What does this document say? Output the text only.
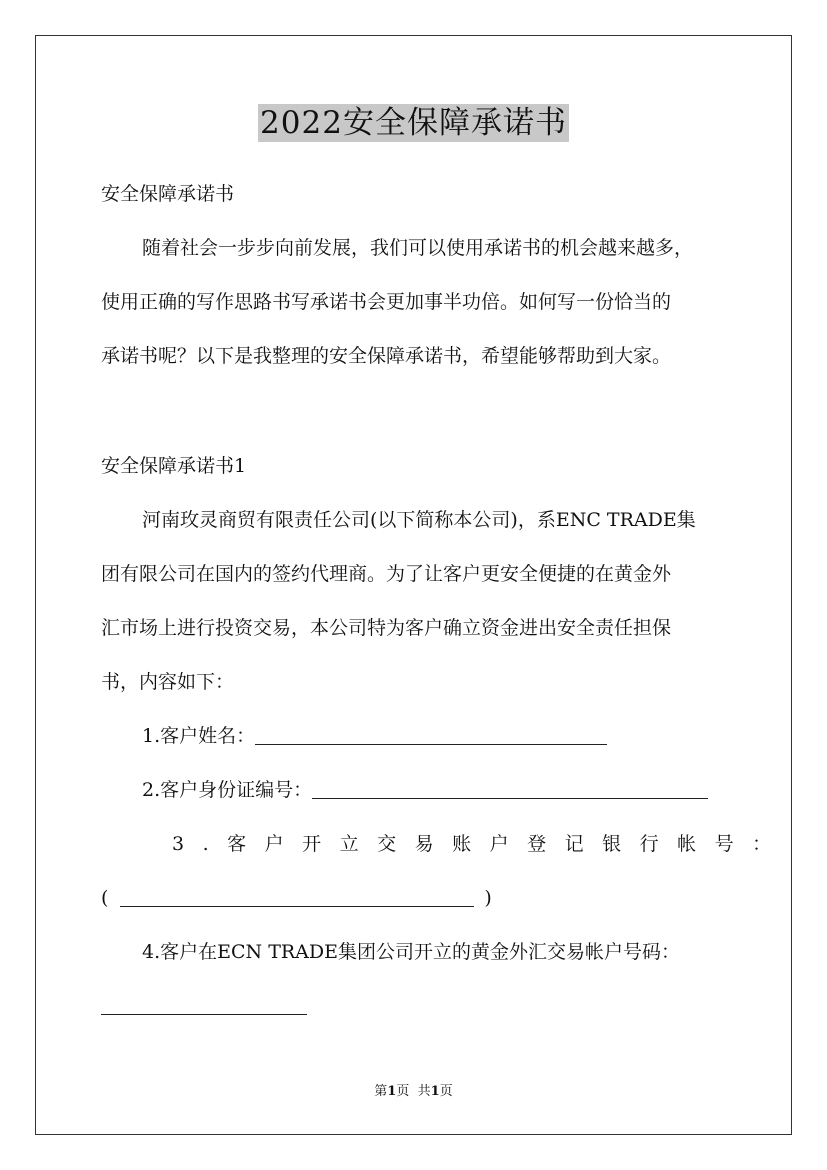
2022安全保障承诺书
安全保障承诺书
随着社会一步步向前发展，我们可以使用承诺书的机会越来越多，
使用正确的写作思路书写承诺书会更加事半功倍。如何写一份恰当的
承诺书呢？以下是我整理的安全保障承诺书，希望能够帮助到大家。
安全保障承诺书1
河南玫灵商贸有限责任公司(以下简称本公司)，系ENC TRADE集
团有限公司在国内的签约代理商。为了让客户更安全便捷的在黄金外
汇市场上进行投资交易，本公司特为客户确立资金进出安全责任担保
书，内容如下：
1.客户姓名：
2.客户身份证编号：
3.客户开立交易账户登记银行帐号：
(	)
4.客户在ECN TRADE集团公司开立的黄金外汇交易帐户号码：
第1页 共1页
